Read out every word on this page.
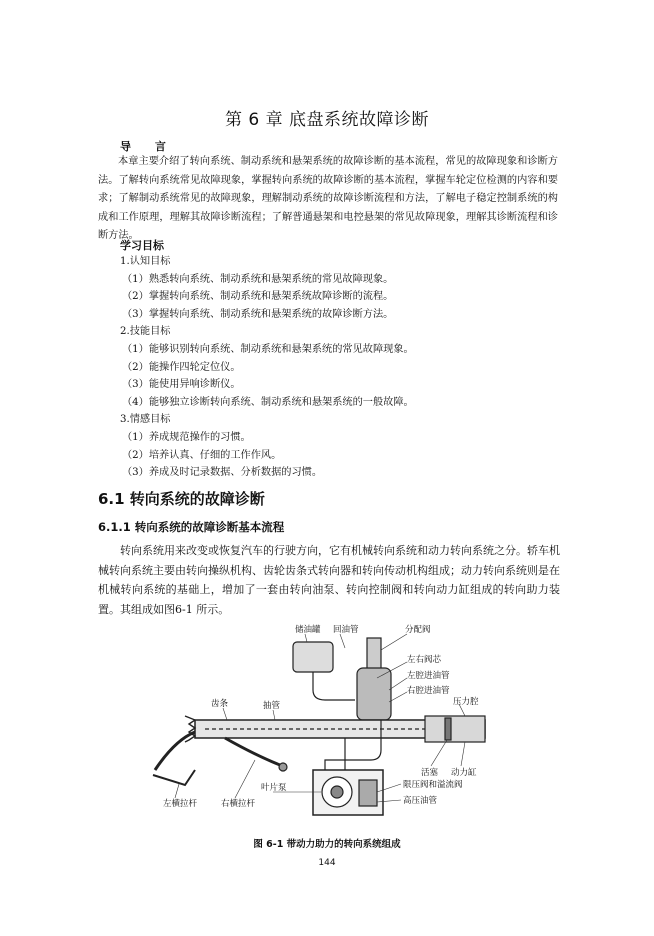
第 6 章 底盘系统故障诊断
导 言
本章主要介绍了转向系统、制动系统和悬架系统的故障诊断的基本流程，常见的故障现象和诊断方法。了解转向系统常见故障现象，掌握转向系统的故障诊断的基本流程，掌握车轮定位检测的内容和要求；了解制动系统常见的故障现象，理解制动系统的故障诊断流程和方法，了解电子稳定控制系统的构成和工作原理，理解其故障诊断流程；了解普通悬架和电控悬架的常见故障现象，理解其诊断流程和诊断方法。
学习目标
1.认知目标
（1）熟悉转向系统、制动系统和悬架系统的常见故障现象。
（2）掌握转向系统、制动系统和悬架系统故障诊断的流程。
（3）掌握转向系统、制动系统和悬架系统的故障诊断方法。
2.技能目标
（1）能够识别转向系统、制动系统和悬架系统的常见故障现象。
（2）能操作四轮定位仪。
（3）能使用异响诊断仪。
（4）能够独立诊断转向系统、制动系统和悬架系统的一般故障。
3.情感目标
（1）养成规范操作的习惯。
（2）培养认真、仔细的工作作风。
（3）养成及时记录数据、分析数据的习惯。
6.1 转向系统的故障诊断
6.1.1 转向系统的故障诊断基本流程
转向系统用来改变或恢复汽车的行驶方向，它有机械转向系统和动力转向系统之分。轿车机械转向系统主要由转向操纵机构、齿轮齿条式转向器和转向传动机构组成；动力转向系统则是在机械转向系统的基础上，增加了一套由转向油泵、转向控制阀和转向动力缸组成的转向助力装置。其组成如图6-1 所示。
储油罐 回油管	分配阀
左右阀芯
左腔进油管
右腔进油管
压力腔
齿条	抽管
活塞 动力缸
限压阀和溢流阀
高压油管
叶片泵
左横拉杆	右横拉杆
图 6-1 带动力助力的转向系统组成
144
